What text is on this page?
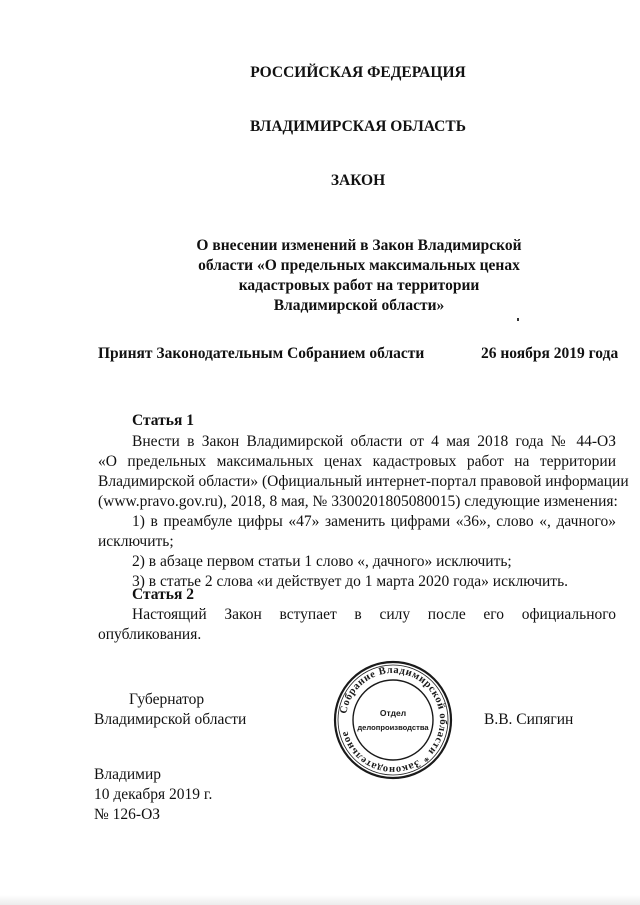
РОССИЙСКАЯ ФЕДЕРАЦИЯ
ВЛАДИМИРСКАЯ ОБЛАСТЬ
ЗАКОН
О внесении изменений в Закон Владимирской
области «О предельных максимальных ценах
кадастровых работ на территории
Владимирской области»
Принят Законодательным Собранием области	26 ноября 2019 года
Статья 1
Внести в Закон Владимирской области от 4 мая 2018 года № 44-ОЗ
«О предельных максимальных ценах кадастровых работ на территории
Владимирской области» (Официальный интернет-портал правовой информации
(www.pravo.gov.ru), 2018, 8 мая, № 3300201805080015) следующие изменения:
1) в преамбуле цифры «47» заменить цифрами «36», слово «, дачного»
исключить;
2) в абзаце первом статьи 1 слово «, дачного» исключить;
3) в статье 2 слова «и действует до 1 марта 2020 года» исключить.
Статья 2
Настоящий Закон вступает в силу после его официального
опубликования.
Губернатор
Владимирской области	В.В. Сипягин
Собрание Владимирской области * Законодательное
Отдел
делопроизводства
Владимир
10 декабря 2019 г.
№ 126-ОЗ
